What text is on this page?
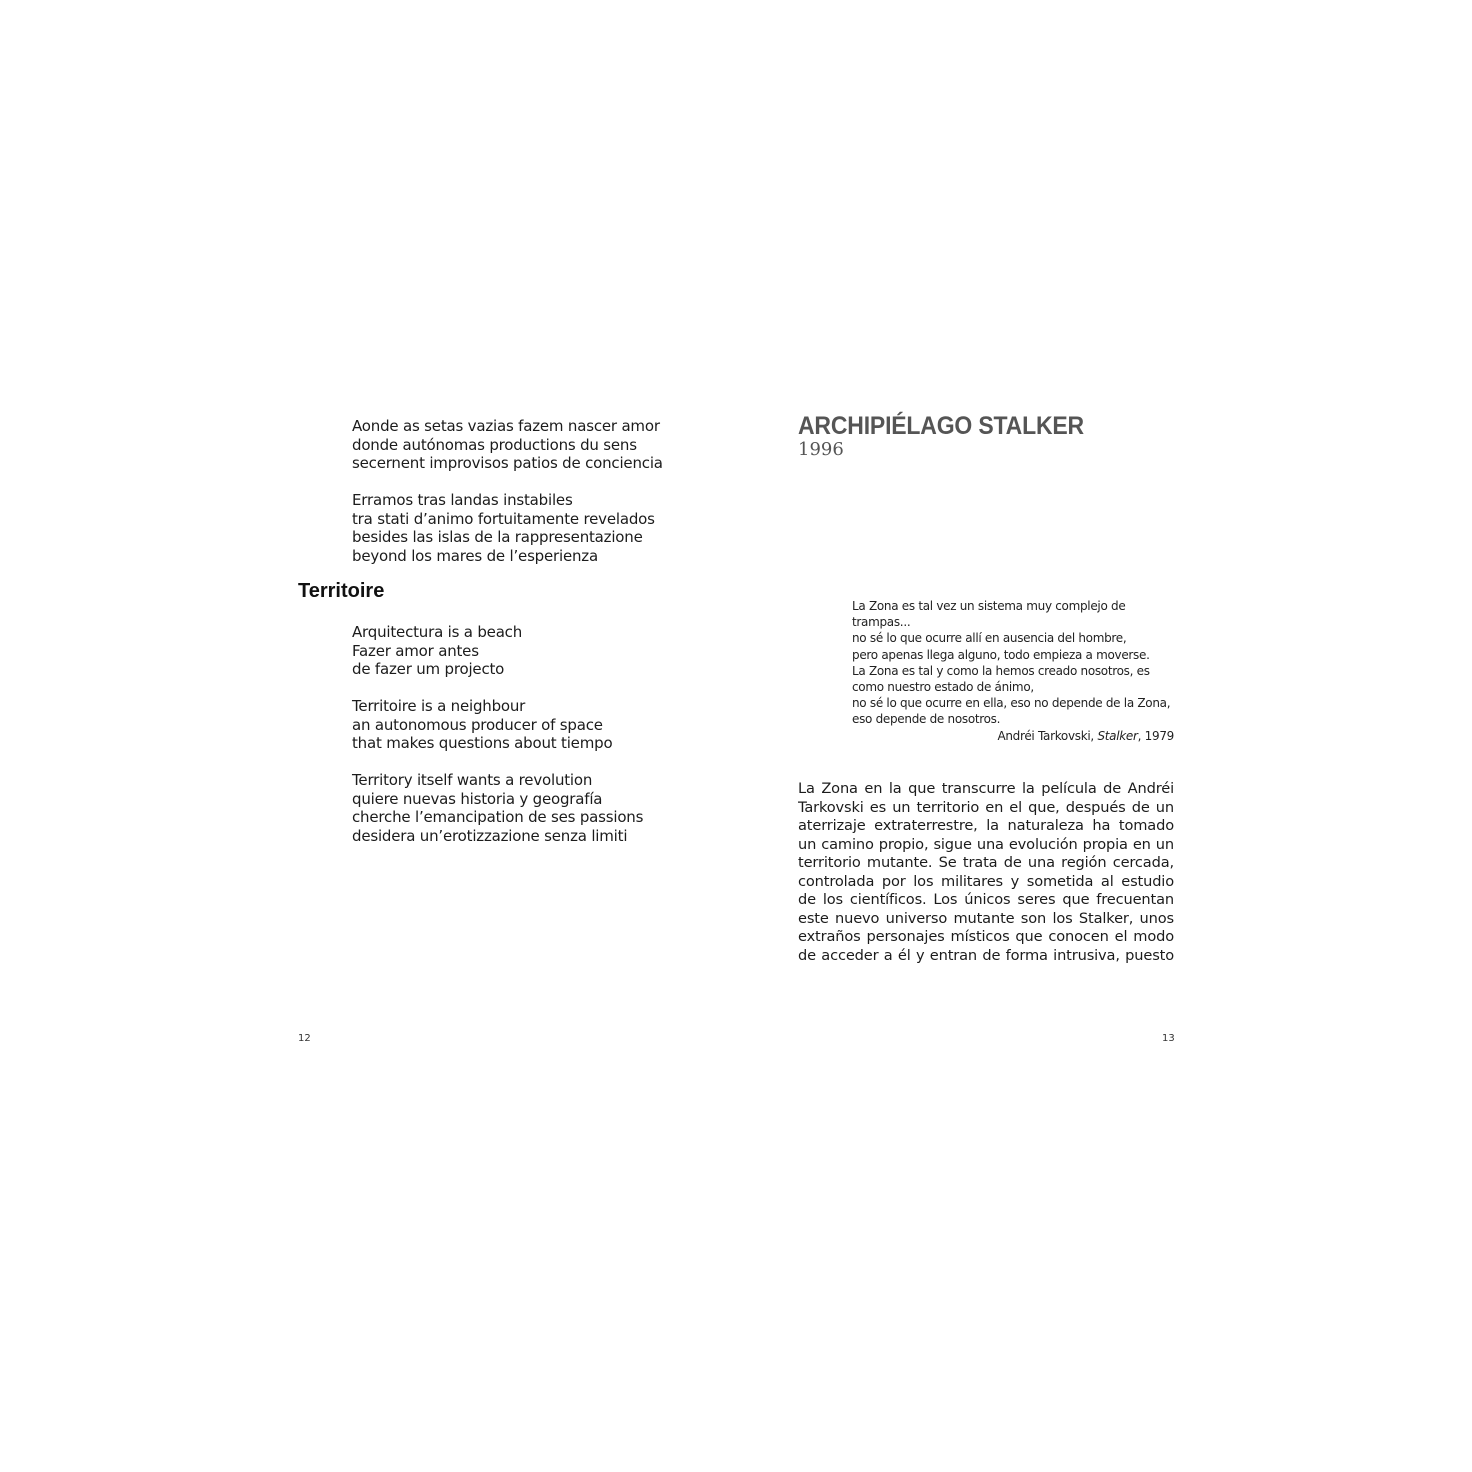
Aonde as setas vazias fazem nascer amor
donde autónomas productions du sens
secernent improvisos patios de conciencia
Erramos tras landas instabiles
tra stati d’animo fortuitamente revelados
besides las islas de la rappresentazione
beyond los mares de l’esperienza
Territoire
Arquitectura is a beach
Fazer amor antes
de fazer um projecto
Territoire is a neighbour
an autonomous producer of space
that makes questions about tiempo
Territory itself wants a revolution
quiere nuevas historia y geografía
cherche l’emancipation de ses passions
desidera un’erotizzazione senza limiti
12
ARCHIPIÉLAGO STALKER
1996
La Zona es tal vez un sistema muy complejo de
trampas...
no sé lo que ocurre allí en ausencia del hombre,
pero apenas llega alguno, todo empieza a moverse.
La Zona es tal y como la hemos creado nosotros, es
como nuestro estado de ánimo,
no sé lo que ocurre en ella, eso no depende de la Zona,
eso depende de nosotros.
Andréi Tarkovski, Stalker, 1979
La Zona en la que transcurre la película de Andréi
Tarkovski es un territorio en el que, después de un
aterrizaje extraterrestre, la naturaleza ha tomado
un camino propio, sigue una evolución propia en un
territorio mutante. Se trata de una región cercada,
controlada por los militares y sometida al estudio
de los científicos. Los únicos seres que frecuentan
este nuevo universo mutante son los Stalker, unos
extraños personajes místicos que conocen el modo
de acceder a él y entran de forma intrusiva, puesto
13
